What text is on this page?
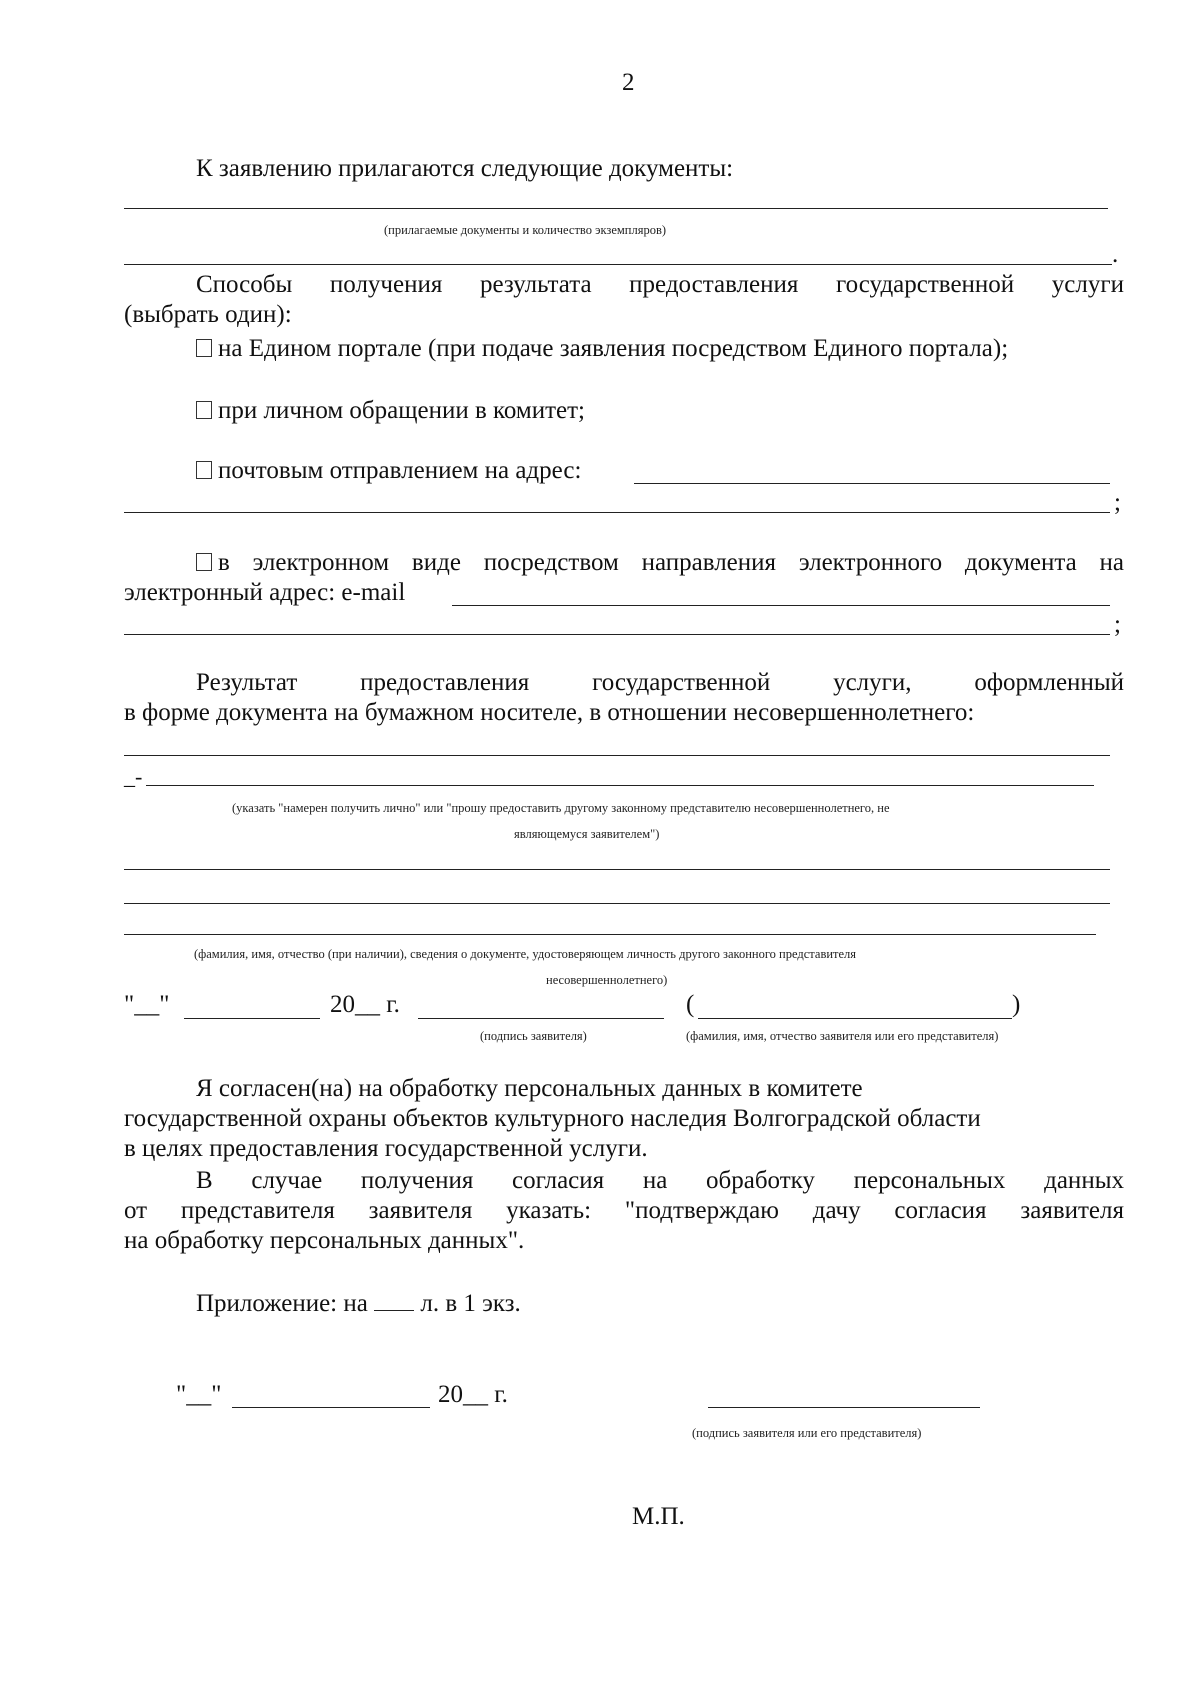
2
К заявлению прилагаются следующие документы:
(прилагаемые документы и количество экземпляров)
.
Способы получения результата предоставления государственной услуги
(выбрать один):
на Едином портале (при подаче заявления посредством Единого портала);
при личном обращении в комитет;
почтовым отправлением на адрес:
;
в электронном виде посредством направления электронного документа на
электронный адрес: e-mail
;
Результат предоставления государственной услуги, оформленный
в форме документа на бумажном носителе, в отношении несовершеннолетнего:
_-
(указать "намерен получить лично" или "прошу предоставить другому законному представителю несовершеннолетнего, не
являющемуся заявителем")
(фамилия, имя, отчество (при наличии), сведения о документе, удостоверяющем личность другого законного представителя
несовершеннолетнего)
"__"	20__ г.	(	)
(подпись заявителя)	(фамилия, имя, отчество заявителя или его представителя)
Я согласен(на) на обработку персональных данных в комитете
государственной охраны объектов культурного наследия Волгоградской области
в целях предоставления государственной услуги.
В случае получения согласия на обработку персональных данных
от представителя заявителя указать: "подтверждаю дачу согласия заявителя
на обработку персональных данных".
Приложение: на л. в 1 экз.
"__"	20__ г.
(подпись заявителя или его представителя)
М.П.
